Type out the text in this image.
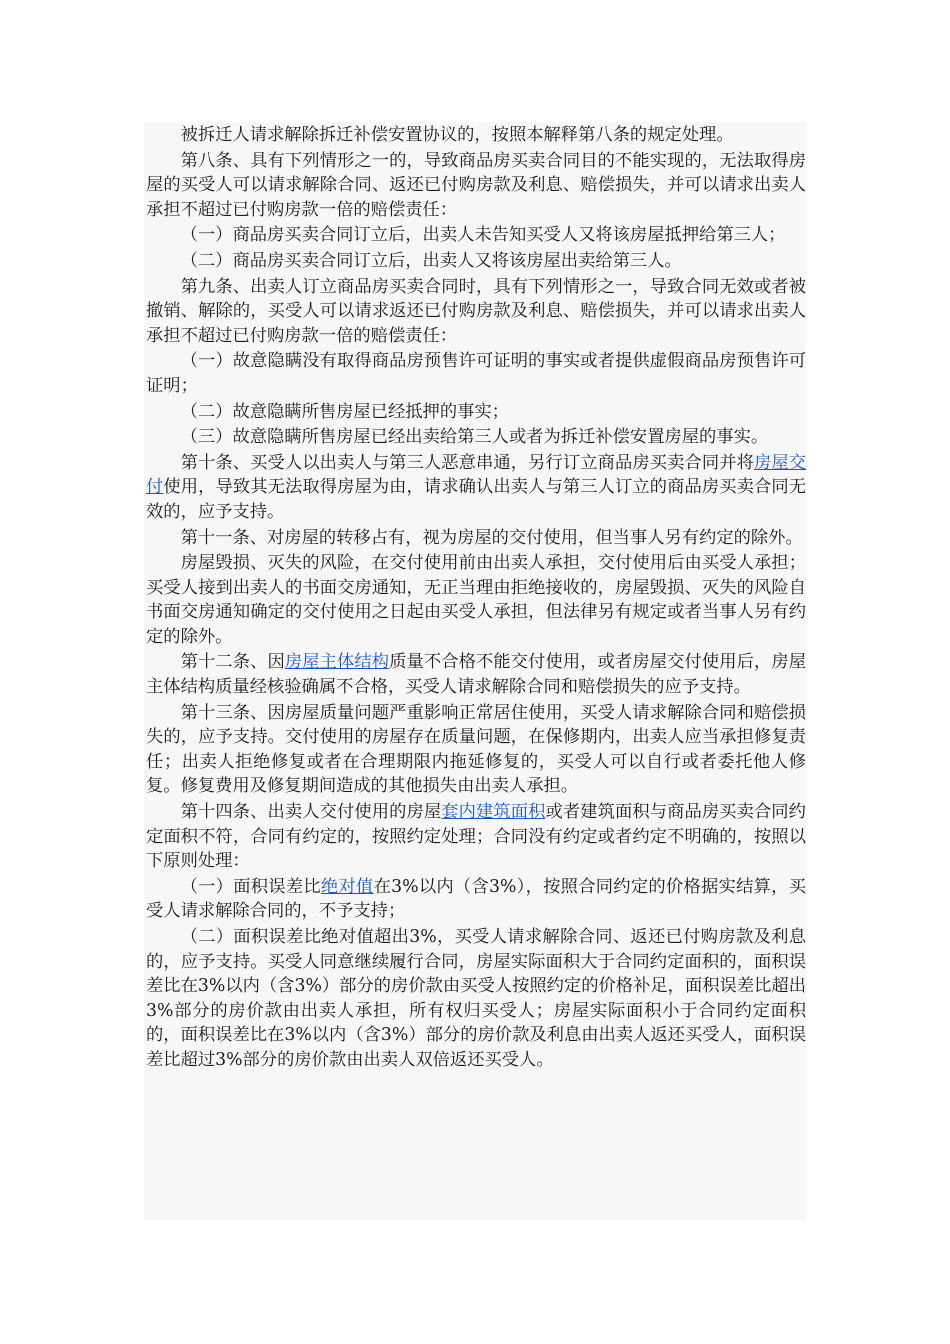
被拆迁人请求解除拆迁补偿安置协议的，按照本解释第八条的规定处理。

第八条、具有下列情形之一的，导致商品房买卖合同目的不能实现的，无法取得房屋的买受人可以请求解除合同、返还已付购房款及利息、赔偿损失，并可以请求出卖人承担不超过已付购房款一倍的赔偿责任：

（一）商品房买卖合同订立后，出卖人未告知买受人又将该房屋抵押给第三人；

（二）商品房买卖合同订立后，出卖人又将该房屋出卖给第三人。

第九条、出卖人订立商品房买卖合同时，具有下列情形之一，导致合同无效或者被撤销、解除的，买受人可以请求返还已付购房款及利息、赔偿损失，并可以请求出卖人承担不超过已付购房款一倍的赔偿责任：

（一）故意隐瞒没有取得商品房预售许可证明的事实或者提供虚假商品房预售许可证明；

（二）故意隐瞒所售房屋已经抵押的事实；

（三）故意隐瞒所售房屋已经出卖给第三人或者为拆迁补偿安置房屋的事实。

第十条、买受人以出卖人与第三人恶意串通，另行订立商品房买卖合同并将房屋交付使用，导致其无法取得房屋为由，请求确认出卖人与第三人订立的商品房买卖合同无效的，应予支持。

第十一条、对房屋的转移占有，视为房屋的交付使用，但当事人另有约定的除外。

房屋毁损、灭失的风险，在交付使用前由出卖人承担，交付使用后由买受人承担；买受人接到出卖人的书面交房通知，无正当理由拒绝接收的，房屋毁损、灭失的风险自书面交房通知确定的交付使用之日起由买受人承担，但法律另有规定或者当事人另有约定的除外。

第十二条、因房屋主体结构质量不合格不能交付使用，或者房屋交付使用后，房屋主体结构质量经核验确属不合格，买受人请求解除合同和赔偿损失的应予支持。

第十三条、因房屋质量问题严重影响正常居住使用，买受人请求解除合同和赔偿损失的，应予支持。交付使用的房屋存在质量问题，在保修期内，出卖人应当承担修复责任；出卖人拒绝修复或者在合理期限内拖延修复的，买受人可以自行或者委托他人修复。修复费用及修复期间造成的其他损失由出卖人承担。

第十四条、出卖人交付使用的房屋套内建筑面积或者建筑面积与商品房买卖合同约定面积不符，合同有约定的，按照约定处理；合同没有约定或者约定不明确的，按照以下原则处理：

（一）面积误差比绝对值在3%以内（含3%），按照合同约定的价格据实结算，买受人请求解除合同的，不予支持；

（二）面积误差比绝对值超出3%，买受人请求解除合同、返还已付购房款及利息的，应予支持。买受人同意继续履行合同，房屋实际面积大于合同约定面积的，面积误差比在3%以内（含3%）部分的房价款由买受人按照约定的价格补足，面积误差比超出3%部分的房价款由出卖人承担，所有权归买受人；房屋实际面积小于合同约定面积的，面积误差比在3%以内（含3%）部分的房价款及利息由出卖人返还买受人，面积误差比超过3%部分的房价款由出卖人双倍返还买受人。
